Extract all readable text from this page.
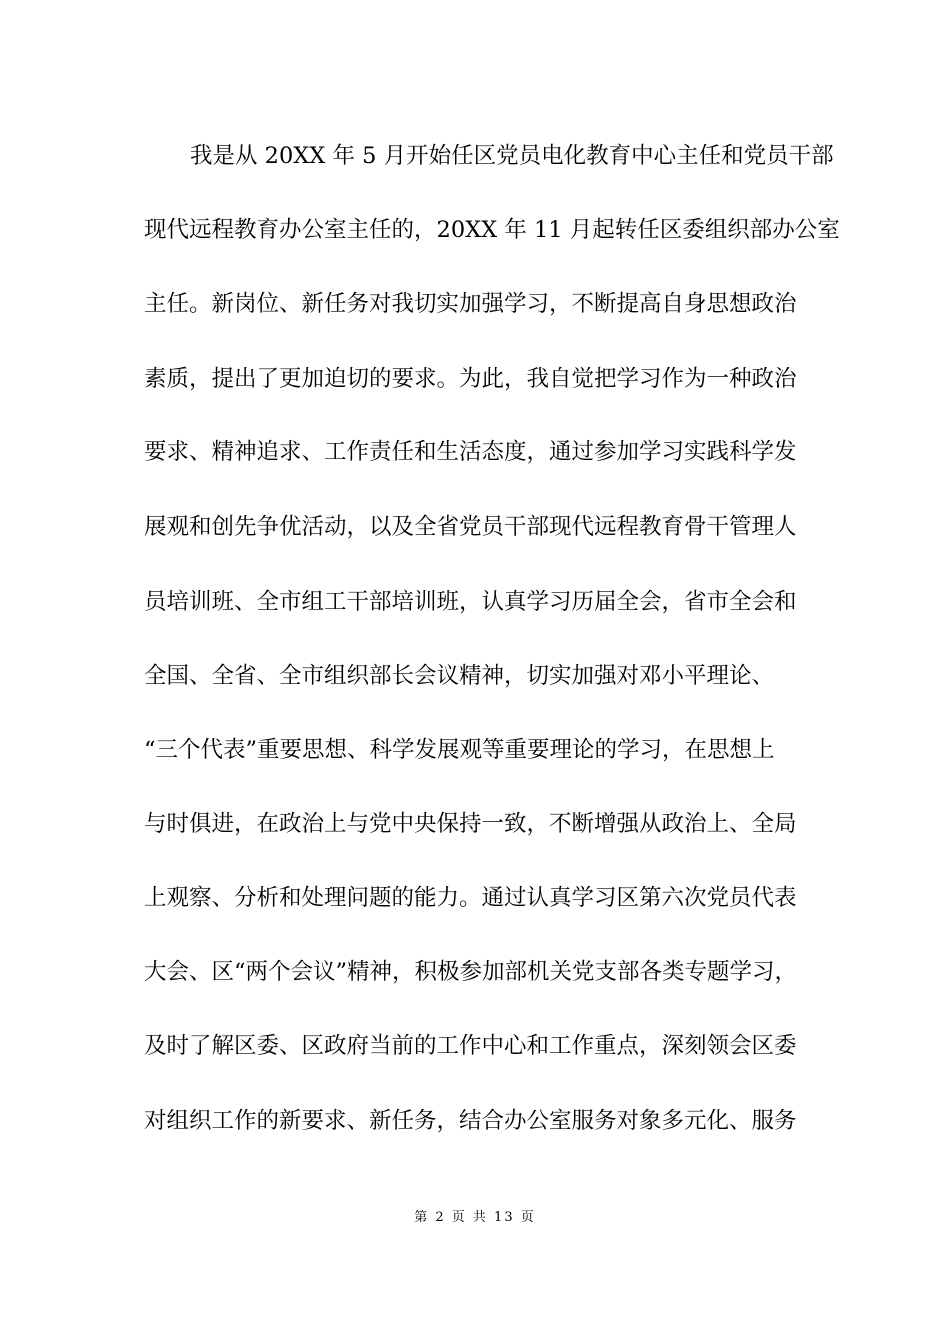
我是从 20XX 年 5 月开始任区党员电化教育中心主任和党员干部
现代远程教育办公室主任的，20XX 年 11 月起转任区委组织部办公室
主任。新岗位、新任务对我切实加强学习，不断提高自身思想政治
素质，提出了更加迫切的要求。为此，我自觉把学习作为一种政治
要求、精神追求、工作责任和生活态度，通过参加学习实践科学发
展观和创先争优活动，以及全省党员干部现代远程教育骨干管理人
员培训班、全市组工干部培训班，认真学习历届全会，省市全会和
全国、全省、全市组织部长会议精神，切实加强对邓小平理论、
“三个代表”重要思想、科学发展观等重要理论的学习，在思想上
与时俱进，在政治上与党中央保持一致，不断增强从政治上、全局
上观察、分析和处理问题的能力。通过认真学习区第六次党员代表
大会、区“两个会议”精神，积极参加部机关党支部各类专题学习，
及时了解区委、区政府当前的工作中心和工作重点，深刻领会区委
对组织工作的新要求、新任务，结合办公室服务对象多元化、服务
第 2 页 共 13 页
